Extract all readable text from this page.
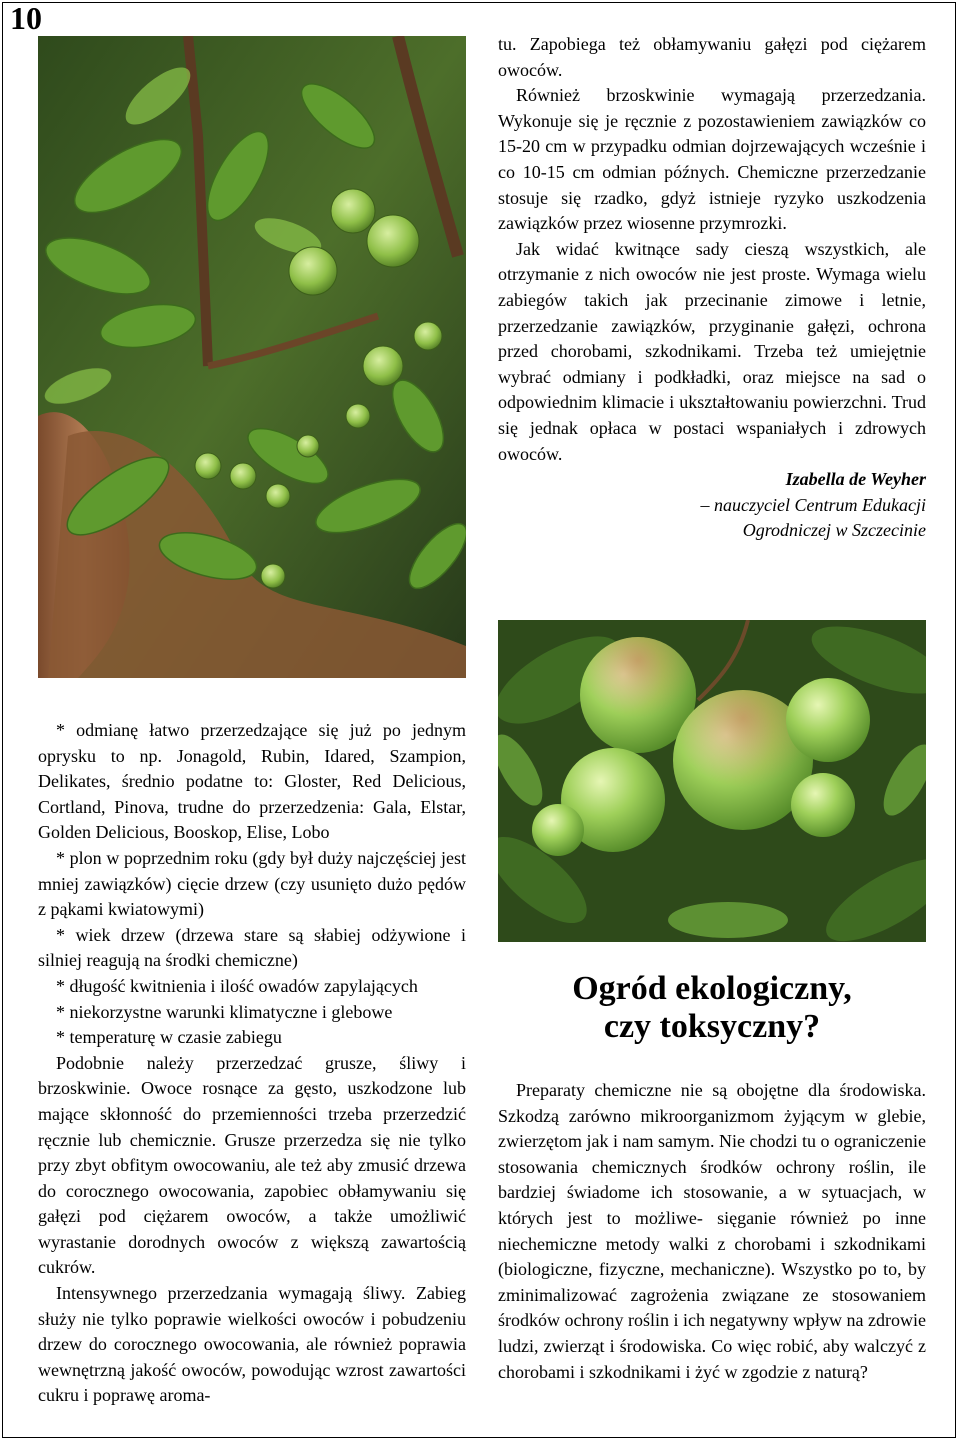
10

tu. Zapobiega też obłamywaniu gałęzi pod ciężarem owoców.

Również brzoskwinie wymagają przerzedzania. Wykonuje się je ręcznie z pozostawieniem zawiązków co 15-20 cm w przypadku odmian dojrzewających wcześnie i co 10-15 cm odmian późnych. Chemiczne przerzedzanie stosuje się rzadko, gdyż istnieje ryzyko uszkodzenia zawiązków przez wiosenne przymrozki.

Jak widać kwitnące sady cieszą wszystkich, ale otrzymanie z nich owoców nie jest proste. Wymaga wielu zabiegów takich jak przecinanie zimowe i letnie, przerzedzanie zawiązków, przyginanie gałęzi, ochrona przed chorobami, szkodnikami. Trzeba też umiejętnie wybrać odmiany i podkładki, oraz miejsce na sad o odpowiednim klimacie i ukształtowaniu powierzchni. Trud się jednak opłaca w postaci wspaniałych i zdrowych owoców.

Izabella de Weyher
– nauczyciel Centrum Edukacji
Ogrodniczej w Szczecinie

* odmianę łatwo przerzedzające się już po jednym oprysku to np. Jonagold, Rubin, Idared, Szampion, Delikates, średnio podatne to: Gloster, Red Delicious, Cortland, Pinova, trudne do przerzedzenia: Gala, Elstar, Golden Delicious, Booskop, Elise, Lobo

* plon w poprzednim roku (gdy był duży najczęściej jest mniej zawiązków) cięcie drzew (czy usunięto dużo pędów z pąkami kwiatowymi)

* wiek drzew (drzewa stare są słabiej odżywione i silniej reagują na środki chemiczne)

* długość kwitnienia i ilość owadów zapylających

* niekorzystne warunki klimatyczne i glebowe

* temperaturę w czasie zabiegu

Podobnie należy przerzedzać grusze, śliwy i brzoskwinie. Owoce rosnące za gęsto, uszkodzone lub mające skłonność do przemienności trzeba przerzedzić ręcznie lub chemicznie. Grusze przerzedza się nie tylko przy zbyt obfitym owocowaniu, ale też aby zmusić drzewa do corocznego owocowania, zapobiec obłamywaniu się gałęzi pod ciężarem owoców, a także umożliwić wyrastanie dorodnych owoców z większą zawartością cukrów.

Intensywnego przerzedzania wymagają śliwy. Zabieg służy nie tylko poprawie wielkości owoców i pobudzeniu drzew do corocznego owocowania, ale również poprawia wewnętrzną jakość owoców, powodując wzrost zawartości cukru i poprawę aroma-

Ogród ekologiczny,
czy toksyczny?

Preparaty chemiczne nie są obojętne dla środowiska. Szkodzą zarówno mikroorganizmom żyjącym w glebie, zwierzętom jak i nam samym. Nie chodzi tu o ograniczenie stosowania chemicznych środków ochrony roślin, ile bardziej świadome ich stosowanie, a w sytuacjach, w których jest to możliwe- sięganie również po inne niechemiczne metody walki z chorobami i szkodnikami (biologiczne, fizyczne, mechaniczne). Wszystko po to, by zminimalizować zagrożenia związane ze stosowaniem środków ochrony roślin i ich negatywny wpływ na zdrowie ludzi, zwierząt i środowiska. Co więc robić, aby walczyć z chorobami i szkodnikami i żyć w zgodzie z naturą?
